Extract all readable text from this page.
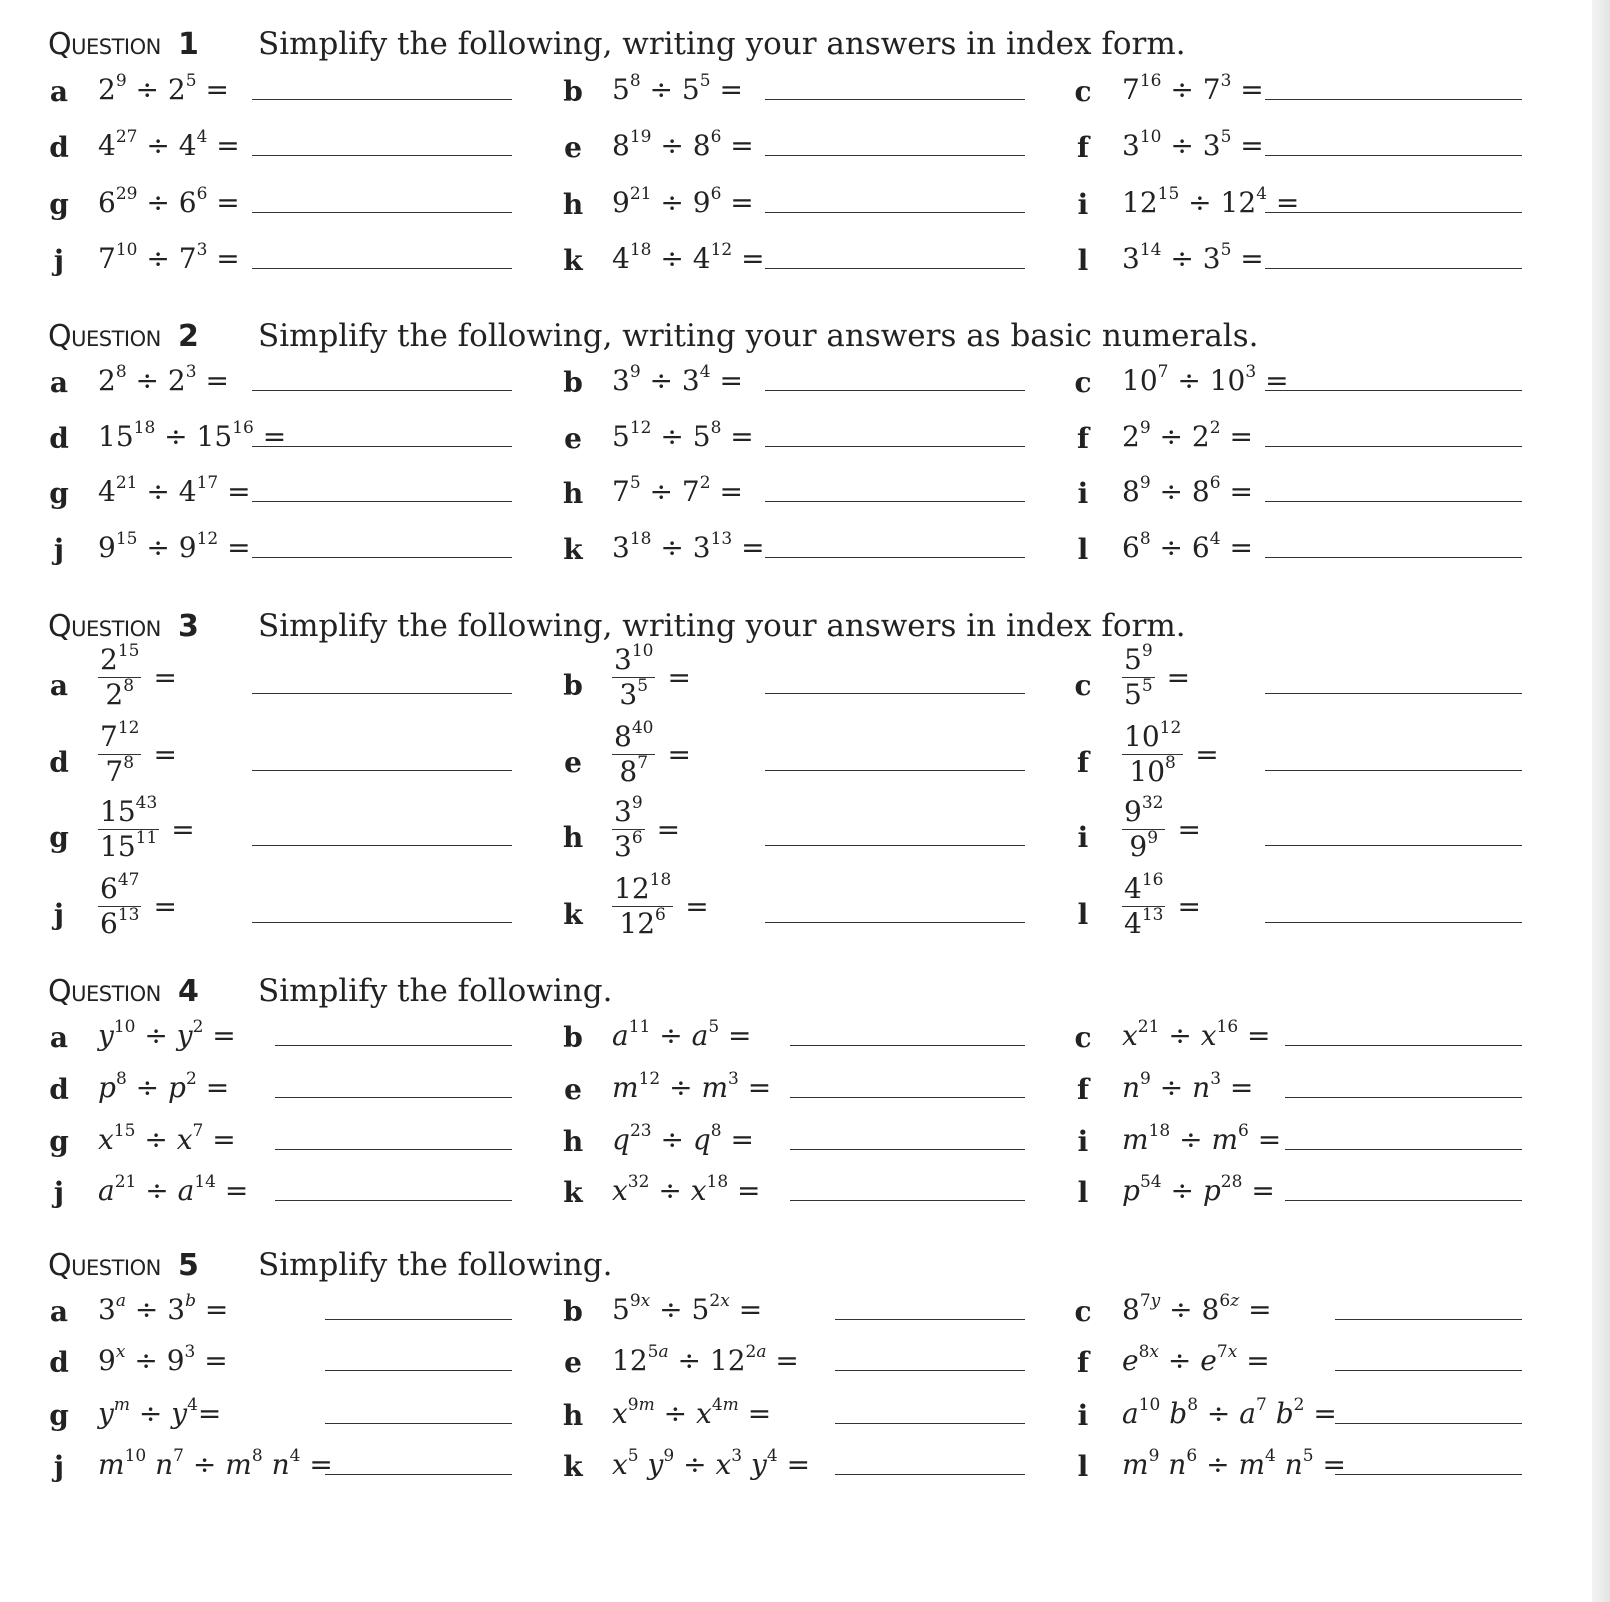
Question 1	Simplify the following, writing your answers in index form.
a $2^9 \div 2^5$ =	b $5^8 \div 5^5$ =	c $7^{16} \div 7^3$ =
d $4^{27} \div 4^4$ =	e $8^{19} \div 8^6$ =	f $3^{10} \div 3^5$ =
g $6^{29} \div 6^6$ =	h $9^{21} \div 9^6$ =	i $12^{15} \div 12^4$ =
j $7^{10} \div 7^3$ =	k $4^{18} \div 4^{12}$ =	l $3^{14} \div 3^5$ =
Question 2	Simplify the following, writing your answers as basic numerals.
a $2^8 \div 2^3$ =	b $3^9 \div 3^4$ =	c $10^7 \div 10^3$ =
d $15^{18} \div 15^{16}$ =	e $5^{12} \div 5^8$ =	f $2^9 \div 2^2$ =
g $4^{21} \div 4^{17}$ =	h $7^5 \div 7^2$ =	i $8^9 \div 8^6$ =
j $9^{15} \div 9^{12}$ =	k $3^{18} \div 3^{13}$ =	l $6^8 \div 6^4$ =
Question 3	Simplify the following, writing your answers in index form.
a $\frac{2^{15}}{2^8}$ =	b $\frac{3^{10}}{3^5}$ =	c $\frac{5^9}{5^5}$ =
d $\frac{7^{12}}{7^8}$ =	e $\frac{8^{40}}{8^7}$ =	f $\frac{10^{12}}{10^8}$ =
g $\frac{15^{43}}{15^{11}}$ =	h $\frac{3^9}{3^6}$ =	i $\frac{9^{32}}{9^9}$ =
j $\frac{6^{47}}{6^{13}}$ =	k $\frac{12^{18}}{12^6}$ =	l $\frac{4^{16}}{4^{13}}$ =
Question 4	Simplify the following.
a $y^{10} \div y^2$ =	b $a^{11} \div a^5$ =	c $x^{21} \div x^{16}$ =
d $p^8 \div p^2$ =	e $m^{12} \div m^3$ =	f $n^9 \div n^3$ =
g $x^{15} \div x^7$ =	h $q^{23} \div q^8$ =	i $m^{18} \div m^6$ =
j $a^{21} \div a^{14}$ =	k $x^{32} \div x^{18}$ =	l $p^{54} \div p^{28}$ =
Question 5	Simplify the following.
a $3^a \div 3^b$ =	b $5^{9x} \div 5^{2x}$ =	c $8^{7y} \div 8^{6z}$ =
d $9^x \div 9^3$ =	e $12^{5a} \div 12^{2a}$ =	f $e^{8x} \div e^{7x}$ =
g $y^m \div y^4=$	h $x^{9m} \div x^{4m}$ =	i $a^{10}$ $b^8 \div a^7$ $b^2$ =
j $m^{10}$ $n^7 \div m^8$ $n^4$ =	k $x^5$ $y^9 \div x^3$ $y^4$ =	l $m^9$ $n^6 \div m^4$ $n^5$ =
